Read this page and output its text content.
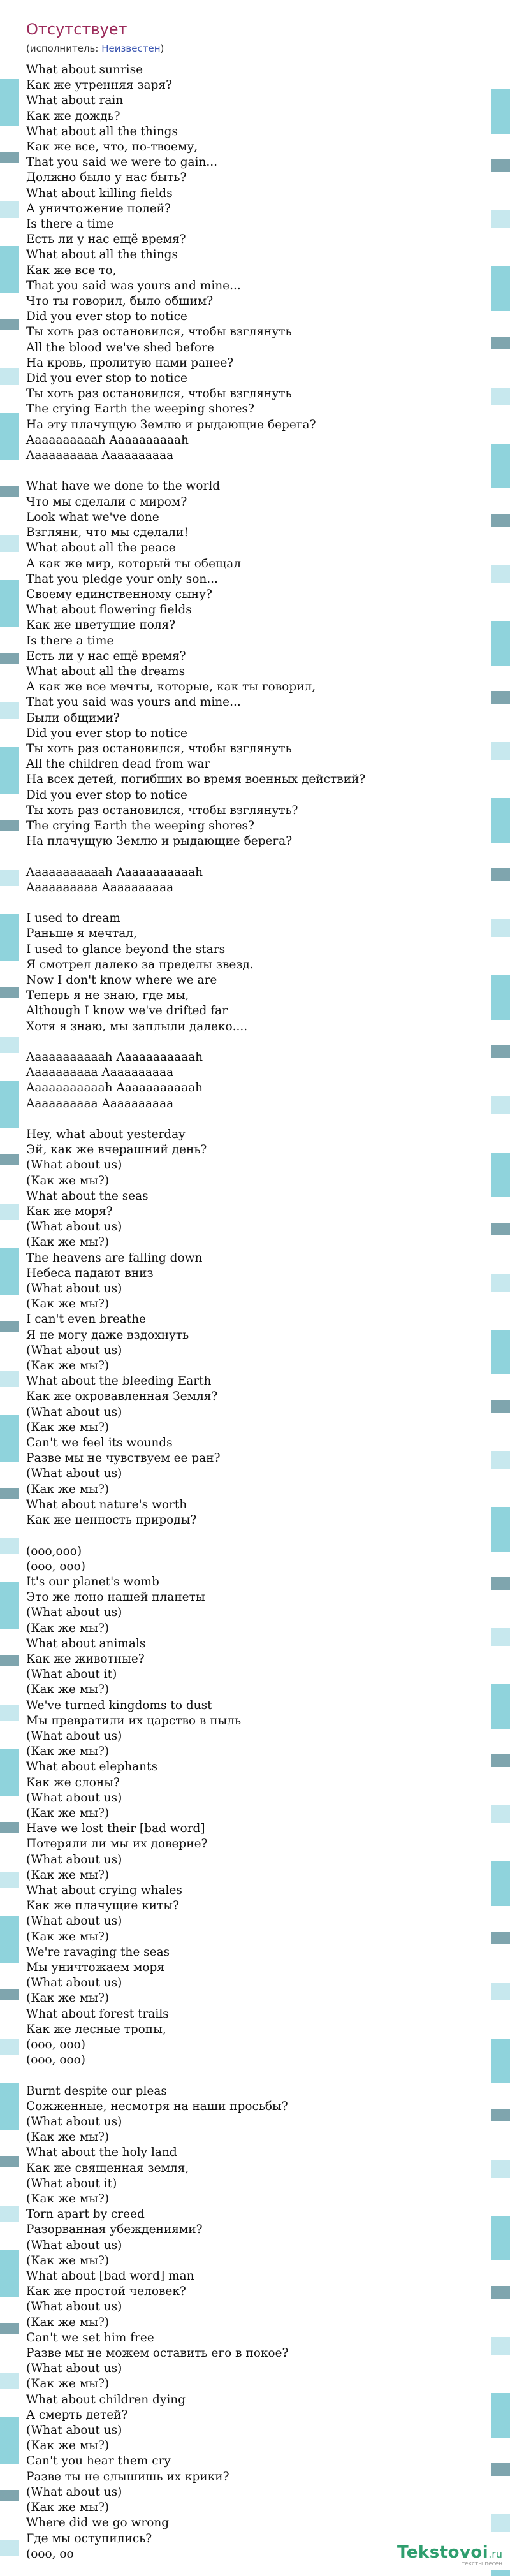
Отсутствует
(исполнитель: Неизвестен)
What about sunrise
Как же утренняя заря?
What about rain
Как же дождь?
What about all the things
Как же все, что, по-твоему,
That you said we were to gain...
Должно было у нас быть?
What about killing fields
А уничтожение полей?
Is there a time
Есть ли у нас ещё время?
What about all the things
Как же все то,
That you said was yours and mine...
Что ты говорил, было общим?
Did you ever stop to notice
Ты хоть раз остановился, чтобы взглянуть
All the blood we've shed before
На кровь, пролитую нами ранее?
Did you ever stop to notice
Ты хоть раз остановился, чтобы взглянуть
The crying Earth the weeping shores?
На эту плачущую Землю и рыдающие берега?
Aaaaaaaaaah Aaaaaaaaaah
Aaaaaaaaaa Aaaaaaaaaa

What have we done to the world
Что мы сделали с миром?
Look what we've done
Взгляни, что мы сделали!
What about all the peace
А как же мир, который ты обещал
That you pledge your only son...
Своему единственному сыну?
What about flowering fields
Как же цветущие поля?
Is there a time
Есть ли у нас ещё время?
What about all the dreams
А как же все мечты, которые, как ты говорил,
That you said was yours and mine...
Были общими?
Did you ever stop to notice
Ты хоть раз остановился, чтобы взглянуть
All the children dead from war
На всех детей, погибших во время военных действий?
Did you ever stop to notice
Ты хоть раз остановился, чтобы взглянуть?
The crying Earth the weeping shores?
На плачущую Землю и рыдающие берега?

Aaaaaaaaaaah Aaaaaaaaaaah
Aaaaaaaaaa Aaaaaaaaaa

I used to dream
Раньше я мечтал,
I used to glance beyond the stars
Я смотрел далеко за пределы звезд.
Now I don't know where we are
Теперь я не знаю, где мы,
Although I know we've drifted far
Хотя я знаю, мы заплыли далеко....

Aaaaaaaaaaah Aaaaaaaaaaah
Aaaaaaaaaa Aaaaaaaaaa
Aaaaaaaaaaah Aaaaaaaaaaah
Aaaaaaaaaa Aaaaaaaaaa

Hey, what about yesterday
Эй, как же вчерашний день?
(What about us)
(Как же мы?)
What about the seas
Как же моря?
(What about us)
(Как же мы?)
The heavens are falling down
Небеса падают вниз
(What about us)
(Как же мы?)
I can't even breathe
Я не могу даже вздохнуть
(What about us)
(Как же мы?)
What about the bleeding Earth
Как же окровавленная Земля?
(What about us)
(Как же мы?)
Can't we feel its wounds
Разве мы не чувствуем ее ран?
(What about us)
(Как же мы?)
What about nature's worth
Как же ценность природы?

(ooo,ooo)
(ooo, ooo)
It's our planet's womb
Это же лоно нашей планеты
(What about us)
(Как же мы?)
What about animals
Как же животные?
(What about it)
(Как же мы?)
We've turned kingdoms to dust
Мы превратили их царство в пыль
(What about us)
(Как же мы?)
What about elephants
Как же слоны?
(What about us)
(Как же мы?)
Have we lost their [bad word]
Потеряли ли мы их доверие?
(What about us)
(Как же мы?)
What about crying whales
Как же плачущие киты?
(What about us)
(Как же мы?)
We're ravaging the seas
Мы уничтожаем моря
(What about us)
(Как же мы?)
What about forest trails
Как же лесные тропы,
(ooo, ooo)
(ooo, ooo)

Burnt despite our pleas
Сожженные, несмотря на наши просьбы?
(What about us)
(Как же мы?)
What about the holy land
Как же священная земля,
(What about it)
(Как же мы?)
Torn apart by creed
Разорванная убеждениями?
(What about us)
(Как же мы?)
What about [bad word] man
Как же простой человек?
(What about us)
(Как же мы?)
Can't we set him free
Разве мы не можем оставить его в покое?
(What about us)
(Как же мы?)
What about children dying
А смерть детей?
(What about us)
(Как же мы?)
Can't you hear them cry
Разве ты не слышишь их крики?
(What about us)
(Как же мы?)
Where did we go wrong
Где мы оступились?
(ooo, oo	Tekstovoi.ru
тексты песен
